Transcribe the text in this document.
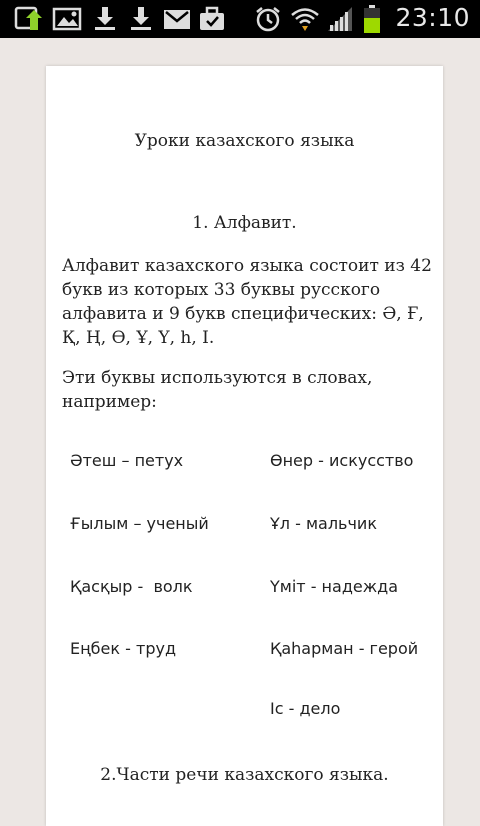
23:10
Уроки казахского языка
1. Алфавит.

Алфавит казахского языка состоит из 42 букв из которых 33 буквы русского алфавита и 9 букв специфических: Ә, Ғ, Қ, Ң, Ө, Ұ, Ү, h, І.

Эти буквы используются в словах, например:

Әтеш – петух
Ғылым – ученый
Қасқыр -  волк
Еңбек - труд
Өнер - искусство
Ұл - мальчик
Үміт - надежда
Қаһарман - герой
Іс - дело
2.Части речи казахского языка.
